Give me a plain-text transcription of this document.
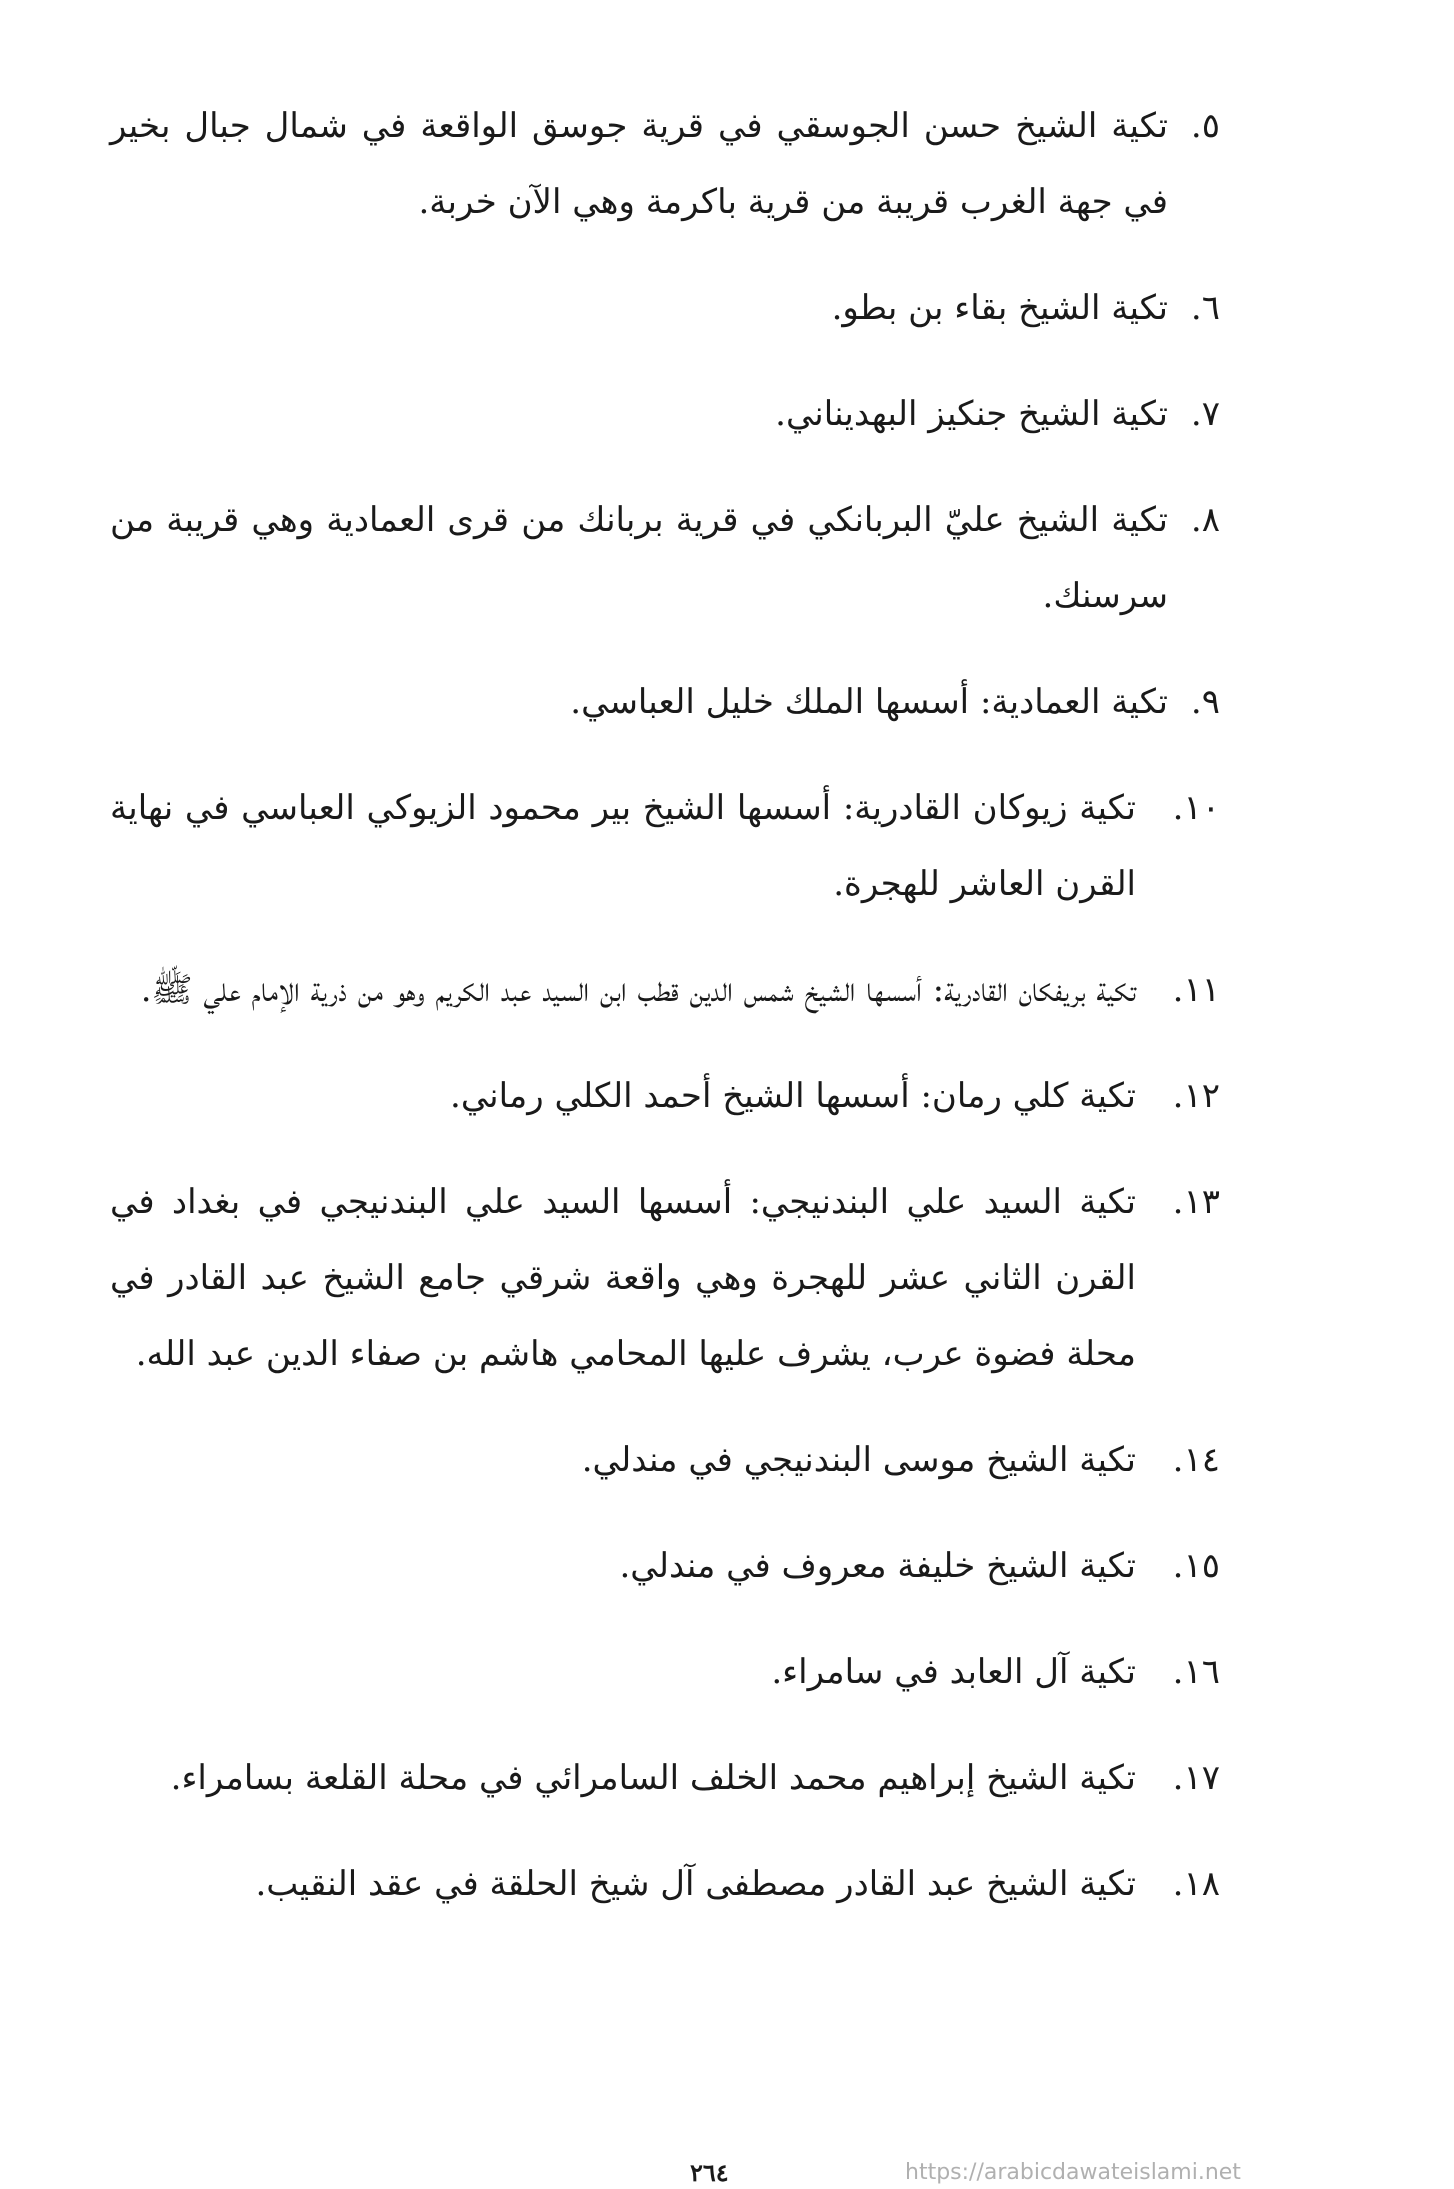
٥.
تكية الشيخ حسن الجوسقي في قرية جوسق الواقعة في شمال جبال بخير في جهة الغرب قريبة من قرية باكرمة وهي الآن خربة.
٦.
تكية الشيخ بقاء بن بطو.
٧.
تكية الشيخ جنكيز البهديناني.
٨.
تكية الشيخ عليّ البربانكي في قرية بربانك من قرى العمادية وهي قريبة من سرسنك.
٩.
تكية العمادية: أسسها الملك خليل العباسي.
١٠.
تكية زيوكان القادرية: أسسها الشيخ بير محمود الزيوكي العباسي في نهاية القرن العاشر للهجرة.
١١.
تكية بريفكان القادرية: أسسها الشيخ شمس الدين قطب ابن السيد عبد الكريم وهو من ذرية الإمام علي ﷺ.
١٢.
تكية كلي رمان: أسسها الشيخ أحمد الكلي رماني.
١٣.
تكية السيد علي البندنيجي: أسسها السيد علي البندنيجي في بغداد في القرن الثاني عشر للهجرة وهي واقعة شرقي جامع الشيخ عبد القادر في محلة فضوة عرب، يشرف عليها المحامي هاشم بن صفاء الدين عبد الله.
١٤.
تكية الشيخ موسى البندنيجي في مندلي.
١٥.
تكية الشيخ خليفة معروف في مندلي.
١٦.
تكية آل العابد في سامراء.
١٧.
تكية الشيخ إبراهيم محمد الخلف السامرائي في محلة القلعة بسامراء.
١٨.
تكية الشيخ عبد القادر مصطفى آل شيخ الحلقة في عقد النقيب.
٢٦٤	https://arabicdawateislami.net
